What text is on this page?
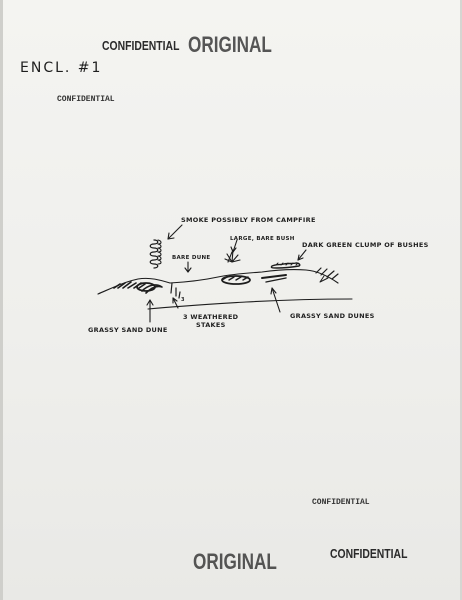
CONFIDENTIAL ORIGINAL
ENCL. #1
CONFIDENTIAL
SMOKE POSSIBLY FROM CAMPFIRE
BARE DUNE
LARGE, BARE BUSH
DARK GREEN CLUMP OF BUSHES
GRASSY SAND DUNE
3 WEATHERED
STAKES
3
GRASSY SAND DUNES
CONFIDENTIAL
ORIGINAL	CONFIDENTIAL
